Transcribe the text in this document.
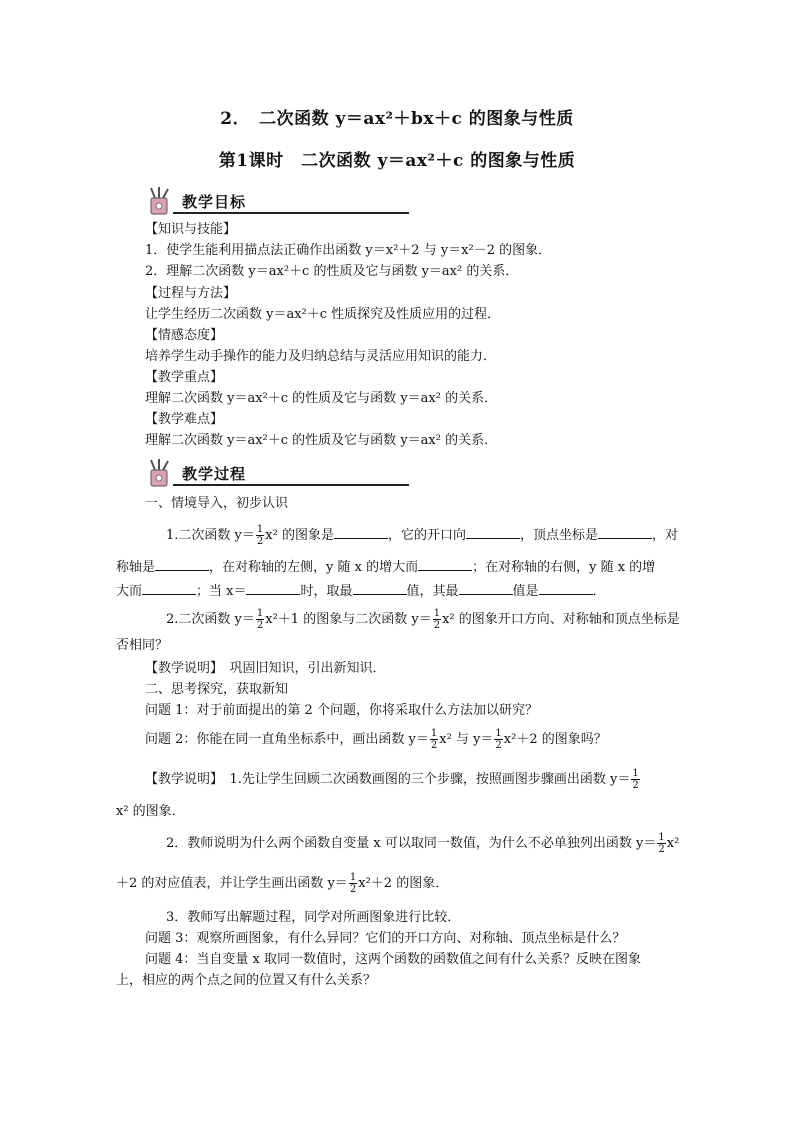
2．　二次函数 y＝ax²＋bx＋c 的图象与性质
第1课时　二次函数 y＝ax²＋c 的图象与性质
教学目标
【知识与技能】
1．使学生能利用描点法正确作出函数 y＝x²＋2 与 y＝x²－2 的图象．
2．理解二次函数 y＝ax²＋c 的性质及它与函数 y＝ax² 的关系．
【过程与方法】
让学生经历二次函数 y＝ax²＋c 性质探究及性质应用的过程．
【情感态度】
培养学生动手操作的能力及归纳总结与灵活应用知识的能力．
【教学重点】
理解二次函数 y＝ax²＋c 的性质及它与函数 y＝ax² 的关系．
【教学难点】
理解二次函数 y＝ax²＋c 的性质及它与函数 y＝ax² 的关系．
教学过程
一、情境导入，初步认识
1.二次函数 $y= \frac{1}{2} x^2$ 的图象是	，它的开口向	，顶点坐标是	，对
称轴是	，在对称轴的左侧，y 随 x 的增大而	；在对称轴的右侧，y 随 x 的增
大而	；当 x＝	时，取最	值，其最	值是	．
2.二次函数 $y= \frac{1}{2} x^2+1$ 的图象与二次函数 $y= \frac{1}{2} x^2$ 的图象开口方向、对称轴和顶点坐标是
否相同？
【教学说明】　巩固旧知识，引出新知识．
二、思考探究，获取新知
问题 1：对于前面提出的第 2 个问题，你将采取什么方法加以研究？
问题 2：你能在同一直角坐标系中，画出函数 $y= \frac{1}{2} x^2$ 与 $y= \frac{1}{2} x^2+2$ 的图象吗？
【教学说明】　1.先让学生回顾二次函数画图的三个步骤，按照画图步骤画出函数 $y= \frac{1}{2}$
x² 的图象．
2．教师说明为什么两个函数自变量 x 可以取同一数值，为什么不必单独列出函数 $y= \frac{1}{2} x^2$
＋2 的对应值表，并让学生画出函数 $y= \frac{1}{2} x^2+2$ 的图象．
3．教师写出解题过程，同学对所画图象进行比较．
问题 3：观察所画图象，有什么异同？它们的开口方向、对称轴、顶点坐标是什么？
问题 4：当自变量 x 取同一数值时，这两个函数的函数值之间有什么关系？反映在图象
上，相应的两个点之间的位置又有什么关系？
